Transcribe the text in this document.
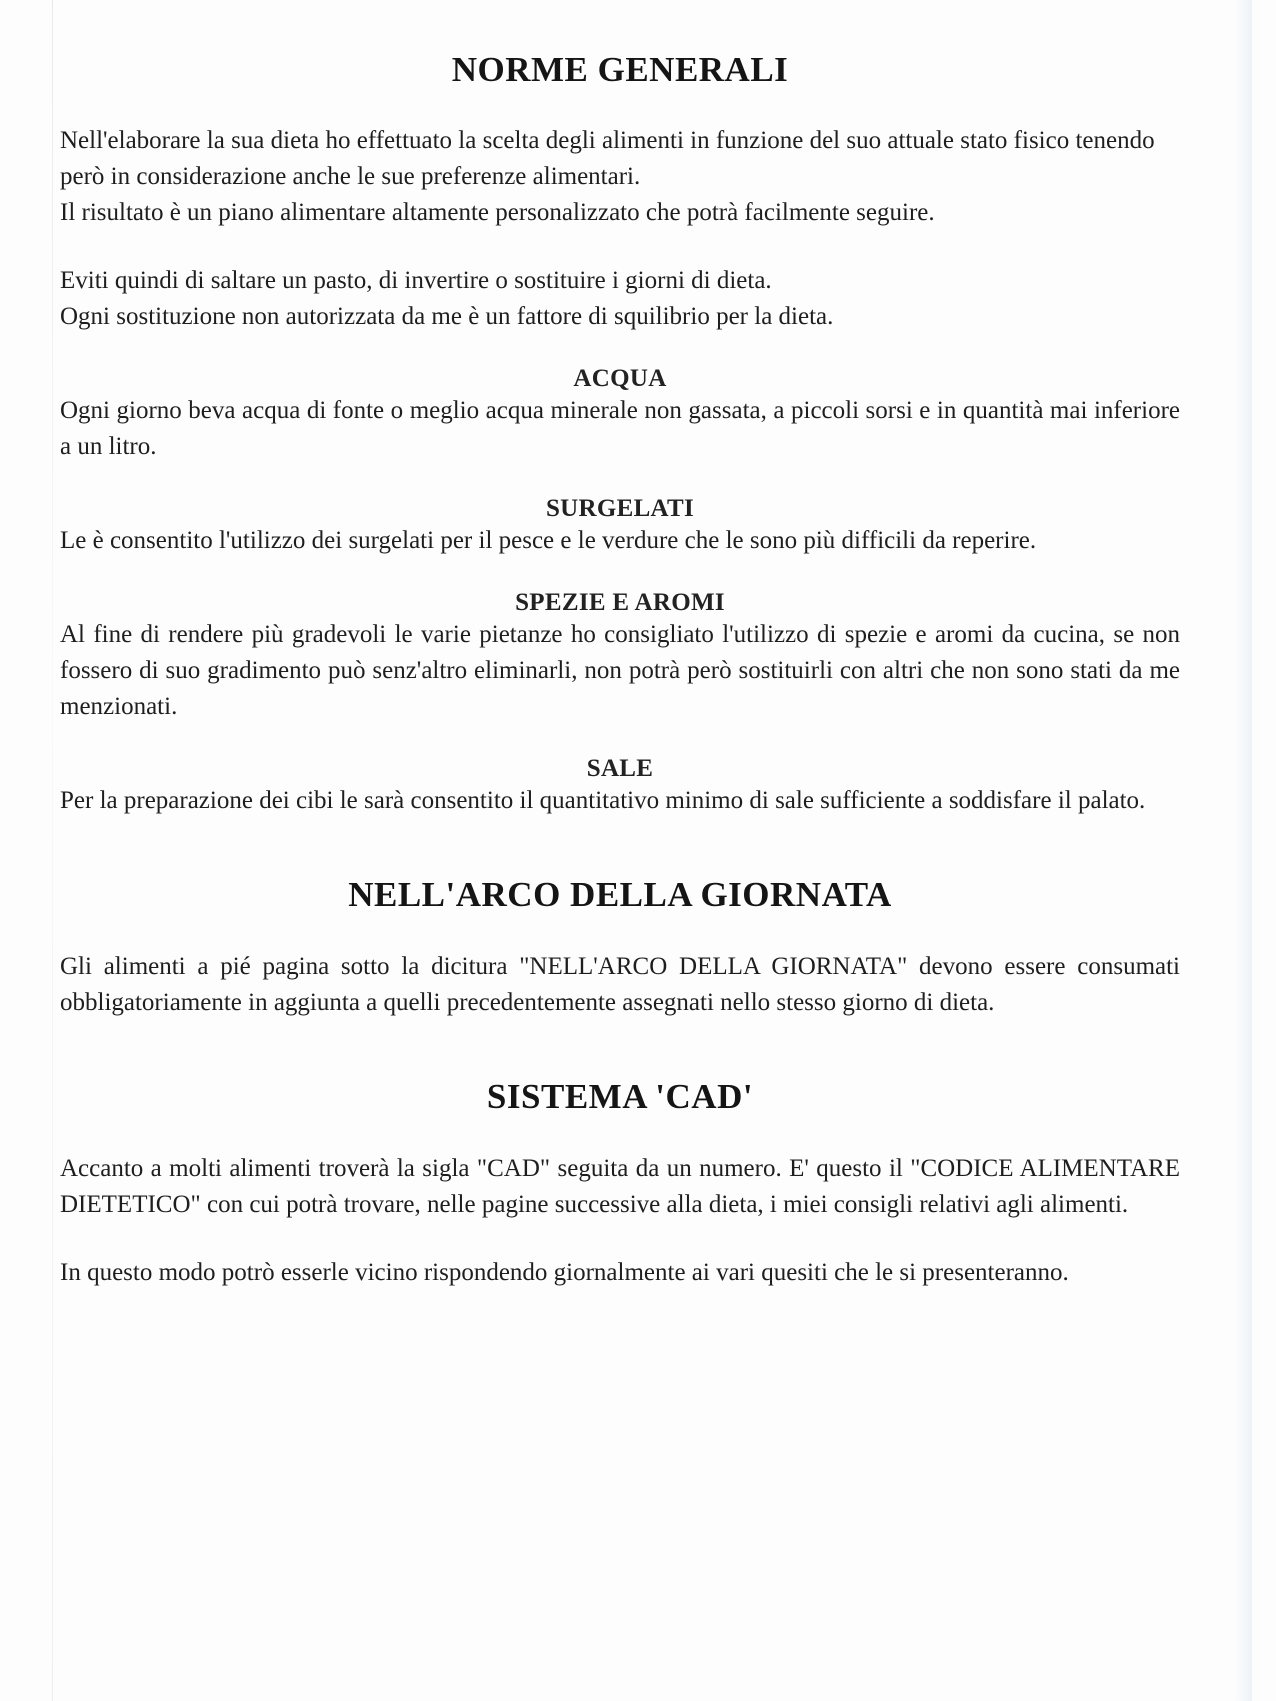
NORME GENERALI

Nell'elaborare la sua dieta ho effettuato la scelta degli alimenti in funzione del suo attuale stato fisico tenendo però in considerazione anche le sue preferenze alimentari.

Il risultato è un piano alimentare altamente personalizzato che potrà facilmente seguire.

Eviti quindi di saltare un pasto, di invertire o sostituire i giorni di dieta.

Ogni sostituzione non autorizzata da me è un fattore di squilibrio per la dieta.

ACQUA

Ogni giorno beva acqua di fonte o meglio acqua minerale non gassata, a piccoli sorsi e in quantità mai inferiore a un litro.

SURGELATI

Le è consentito l'utilizzo dei surgelati per il pesce e le verdure che le sono più difficili da reperire.

SPEZIE E AROMI

Al fine di rendere più gradevoli le varie pietanze ho consigliato l'utilizzo di spezie e aromi da cucina, se non fossero di suo gradimento può senz'altro eliminarli, non potrà però sostituirli con altri che non sono stati da me menzionati.

SALE

Per la preparazione dei cibi le sarà consentito il quantitativo minimo di sale sufficiente a soddisfare il palato.

NELL'ARCO DELLA GIORNATA

Gli alimenti a pié pagina sotto la dicitura "NELL'ARCO DELLA GIORNATA" devono essere consumati obbligatoriamente in aggiunta a quelli precedentemente assegnati nello stesso giorno di dieta.

SISTEMA 'CAD'

Accanto a molti alimenti troverà la sigla "CAD" seguita da un numero. E' questo il "CODICE ALIMENTARE DIETETICO" con cui potrà trovare, nelle pagine successive alla dieta, i miei consigli relativi agli alimenti.

In questo modo potrò esserle vicino rispondendo giornalmente ai vari quesiti che le si presenteranno.
